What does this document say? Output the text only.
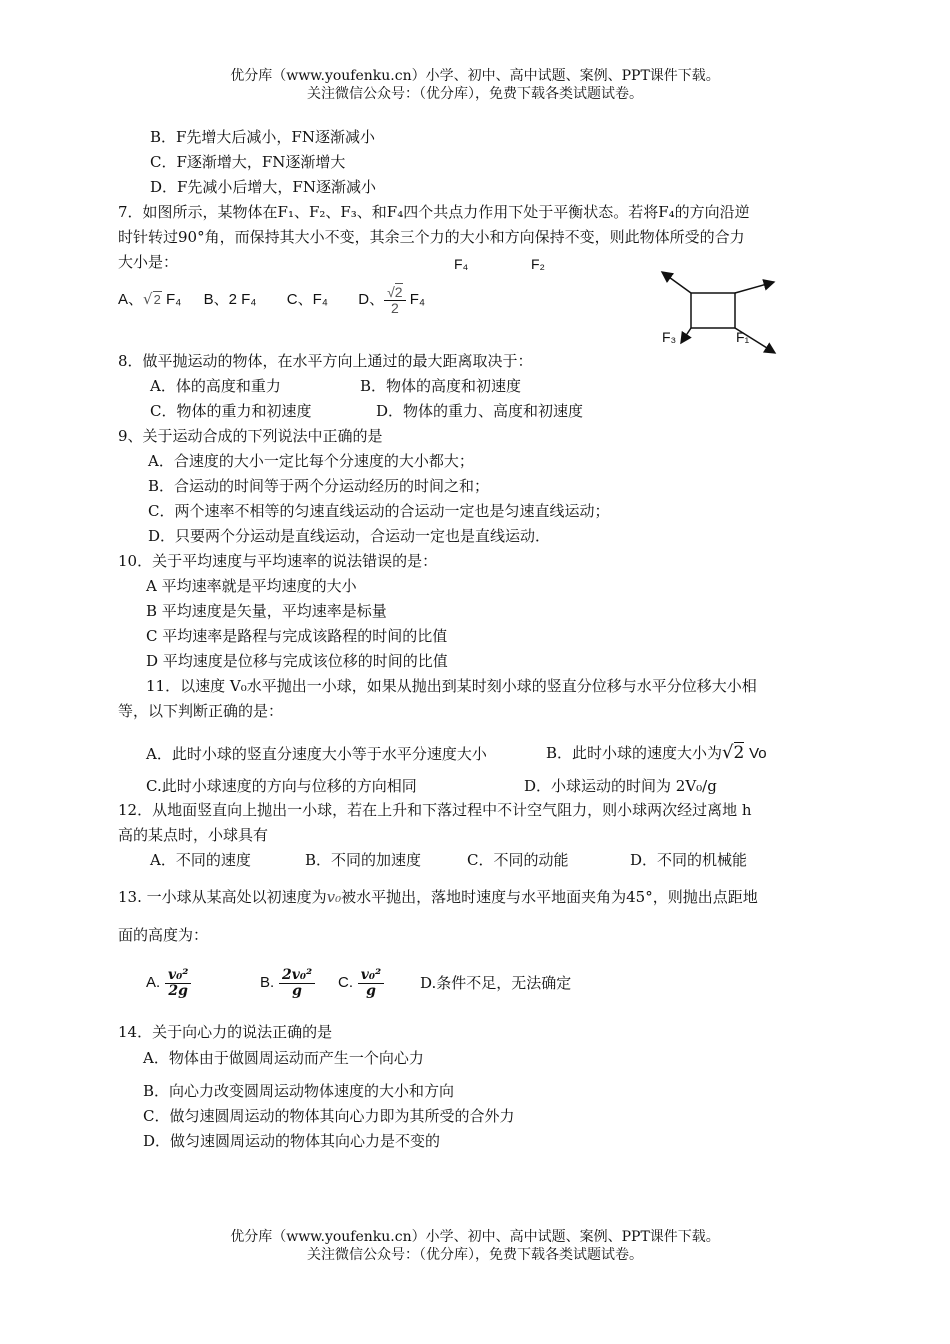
优分库（www.youfenku.cn）小学、初中、高中试题、案例、PPT课件下载。
关注微信公众号：（优分库），免费下载各类试题试卷。
B．F先增大后减小，FN逐渐减小
C．F逐渐增大，FN逐渐增大
D．F先减小后增大，FN逐渐减小
7．如图所示，某物体在F₁、F₂、F₃、和F₄四个共点力作用下处于平衡状态。若将F₄的方向沿逆
时针转过90°角，而保持其大小不变，其余三个力的大小和方向保持不变，则此物体所受的合力
大小是：
A、√2 F₄ B、2 F₄ C、F₄ D、 $\frac{√2}{2} F_4$
F₃	F₁
8．做平抛运动的物体，在水平方向上通过的最大距离取决于：
A．体的高度和重力	B．物体的高度和初速度
C．物体的重力和初速度	D．物体的重力、高度和初速度
9、关于运动合成的下列说法中正确的是
A．合速度的大小一定比每个分速度的大小都大；
B．合运动的时间等于两个分运动经历的时间之和；
C．两个速率不相等的匀速直线运动的合运动一定也是匀速直线运动；
D．只要两个分运动是直线运动，合运动一定也是直线运动．
10．关于平均速度与平均速率的说法错误的是：
A 平均速率就是平均速度的大小
B 平均速度是矢量，平均速率是标量
C 平均速率是路程与完成该路程的时间的比值
D 平均速度是位移与完成该位移的时间的比值
11．以速度 V₀水平抛出一小球，如果从抛出到某时刻小球的竖直分位移与水平分位移大小相
等，以下判断正确的是：
A．此时小球的竖直分速度大小等于水平分速度大小	B．此时小球的速度大小为√2 Vo
C.此时小球速度的方向与位移的方向相同	D．小球运动的时间为 2V₀/g
12．从地面竖直向上抛出一小球，若在上升和下落过程中不计空气阻力，则小球两次经过离地 h
高的某点时，小球具有
A．不同的速度	B．不同的加速度	C．不同的动能	D．不同的机械能
13. 一小球从某高处以初速度为v₀被水平抛出，落地时速度与水平地面夹角为45°，则抛出点距地
面的高度为：
A. $\frac{\text{v₀²}}{2g}$	B. $\frac{\text{2v₀²}}{g} C$. $\frac{\text{v₀²}}{g} D$.条件不足，无法确定
14．关于向心力的说法正确的是
A．物体由于做圆周运动而产生一个向心力
B．向心力改变圆周运动物体速度的大小和方向
C．做匀速圆周运动的物体其向心力即为其所受的合外力
D．做匀速圆周运动的物体其向心力是不变的
优分库（www.youfenku.cn）小学、初中、高中试题、案例、PPT课件下载。
关注微信公众号：（优分库），免费下载各类试题试卷。
F₄	F₂
